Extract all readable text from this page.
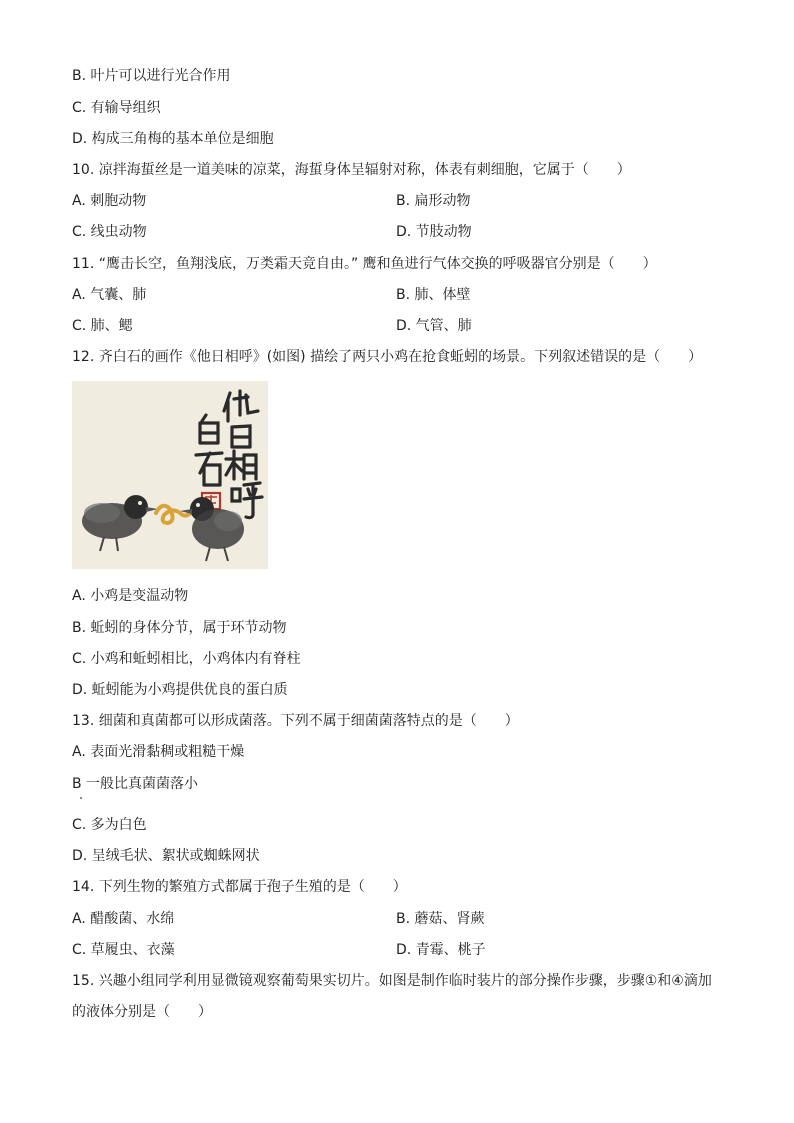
B. 叶片可以进行光合作用
C. 有输导组织
D. 构成三角梅的基本单位是细胞
10. 凉拌海蜇丝是一道美味的凉菜，海蜇身体呈辐射对称，体表有刺细胞，它属于（　　）
A. 刺胞动物	B. 扁形动物
C. 线虫动物	D. 节肢动物
11. “鹰击长空，鱼翔浅底，万类霜天竞自由。” 鹰和鱼进行气体交换的呼吸器官分别是（　　）
A. 气囊、肺	B. 肺、体壁
C. 肺、鳃	D. 气管、肺
12. 齐白石的画作《他日相呼》(如图) 描绘了两只小鸡在抢食蚯蚓的场景。下列叙述错误的是（　　）
A. 小鸡是变温动物
B. 蚯蚓的身体分节，属于环节动物
C. 小鸡和蚯蚓相比，小鸡体内有脊柱
D. 蚯蚓能为小鸡提供优良的蛋白质
13. 细菌和真菌都可以形成菌落。下列不属于细菌菌落特点的是（　　）
A. 表面光滑黏稠或粗糙干燥
B 一般比真菌菌落小
C. 多为白色
D. 呈绒毛状、絮状或蜘蛛网状
14. 下列生物的繁殖方式都属于孢子生殖的是（　　）
A. 醋酸菌、水绵	B. 蘑菇、肾蕨
C. 草履虫、衣藻	D. 青霉、桃子
15. 兴趣小组同学利用显微镜观察葡萄果实切片。如图是制作临时装片的部分操作步骤，步骤①和④滴加
的液体分别是（　　）
